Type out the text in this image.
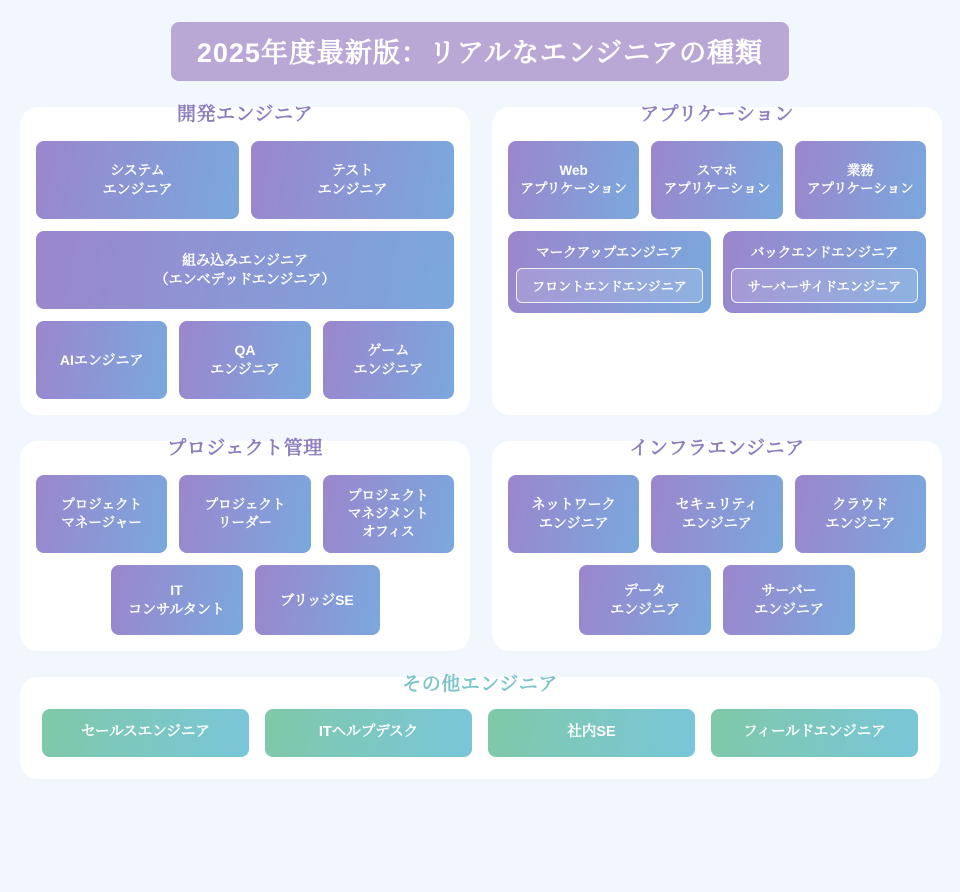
2025年度最新版：リアルなエンジニアの種類
開発エンジニア
システム
エンジニア
テスト
エンジニア
組み込みエンジニア
（エンベデッドエンジニア）
AIエンジニア
QA
エンジニア
ゲーム
エンジニア
アプリケーション
Web
アプリケーション
スマホ
アプリケーション
業務
アプリケーション
マークアップエンジニア
フロントエンドエンジニア
バックエンドエンジニア
サーバーサイドエンジニア
プロジェクト管理
プロジェクト
マネージャー
プロジェクト
リーダー
プロジェクト
マネジメント
オフィス
IT
コンサルタント
ブリッジSE
インフラエンジニア
ネットワーク
エンジニア
セキュリティ
エンジニア
クラウド
エンジニア
データ
エンジニア
サーバー
エンジニア
その他エンジニア
セールスエンジニア	ITヘルプデスク	社内SE	フィールドエンジニア
